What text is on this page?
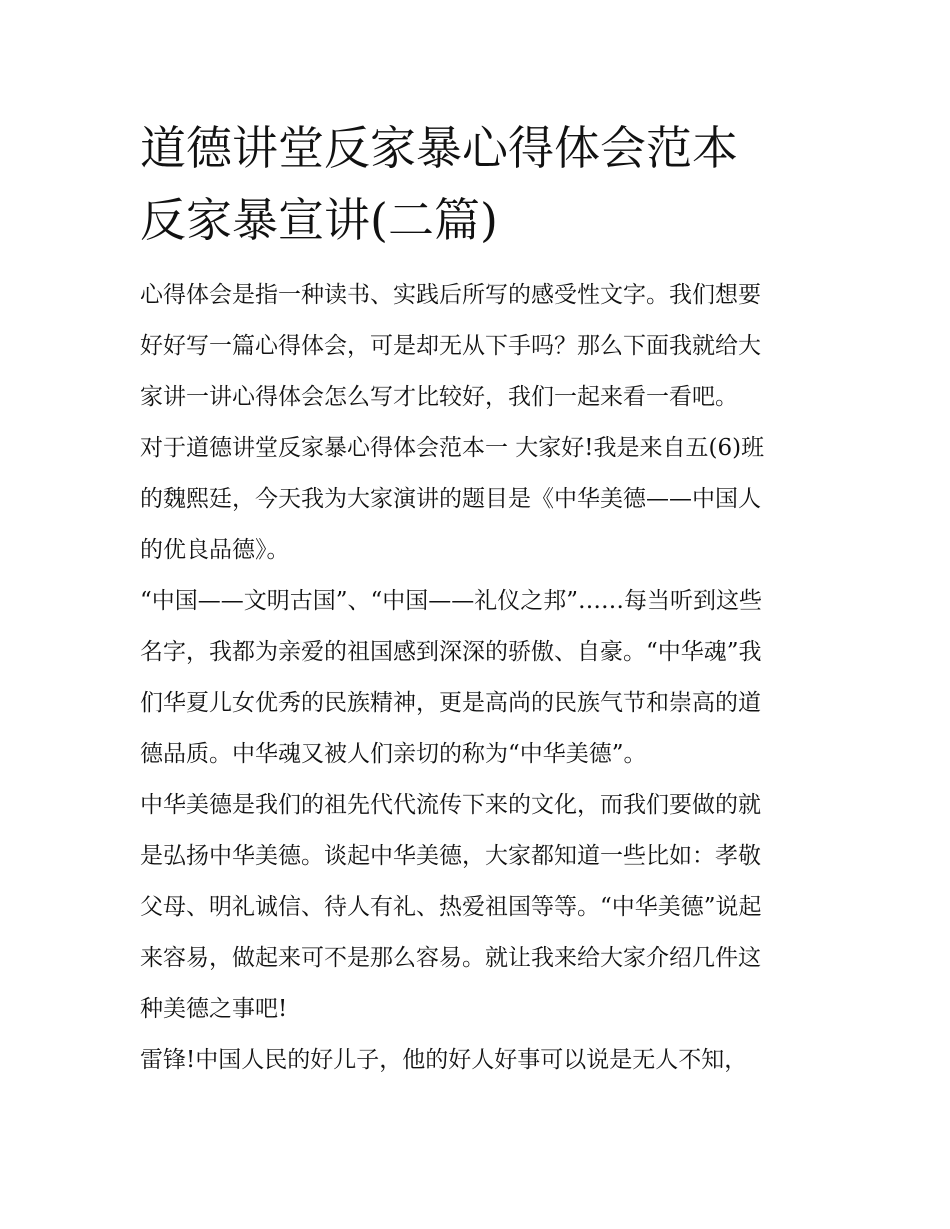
道德讲堂反家暴心得体会范本
反家暴宣讲(二篇)

心得体会是指一种读书、实践后所写的感受性文字。我们想要
好好写一篇心得体会，可是却无从下手吗？那么下面我就给大
家讲一讲心得体会怎么写才比较好，我们一起来看一看吧。

对于道德讲堂反家暴心得体会范本一 大家好!我是来自五(6)班
的魏熙廷，今天我为大家演讲的题目是《中华美德——中国人
的优良品德》。

“中国——文明古国”、“中国——礼仪之邦”……每当听到这些
名字，我都为亲爱的祖国感到深深的骄傲、自豪。“中华魂”我
们华夏儿女优秀的民族精神，更是高尚的民族气节和崇高的道
德品质。中华魂又被人们亲切的称为“中华美德”。

中华美德是我们的祖先代代流传下来的文化，而我们要做的就
是弘扬中华美德。谈起中华美德，大家都知道一些比如：孝敬
父母、明礼诚信、待人有礼、热爱祖国等等。“中华美德”说起
来容易，做起来可不是那么容易。就让我来给大家介绍几件这
种美德之事吧!

雷锋!中国人民的好儿子，他的好人好事可以说是无人不知，
